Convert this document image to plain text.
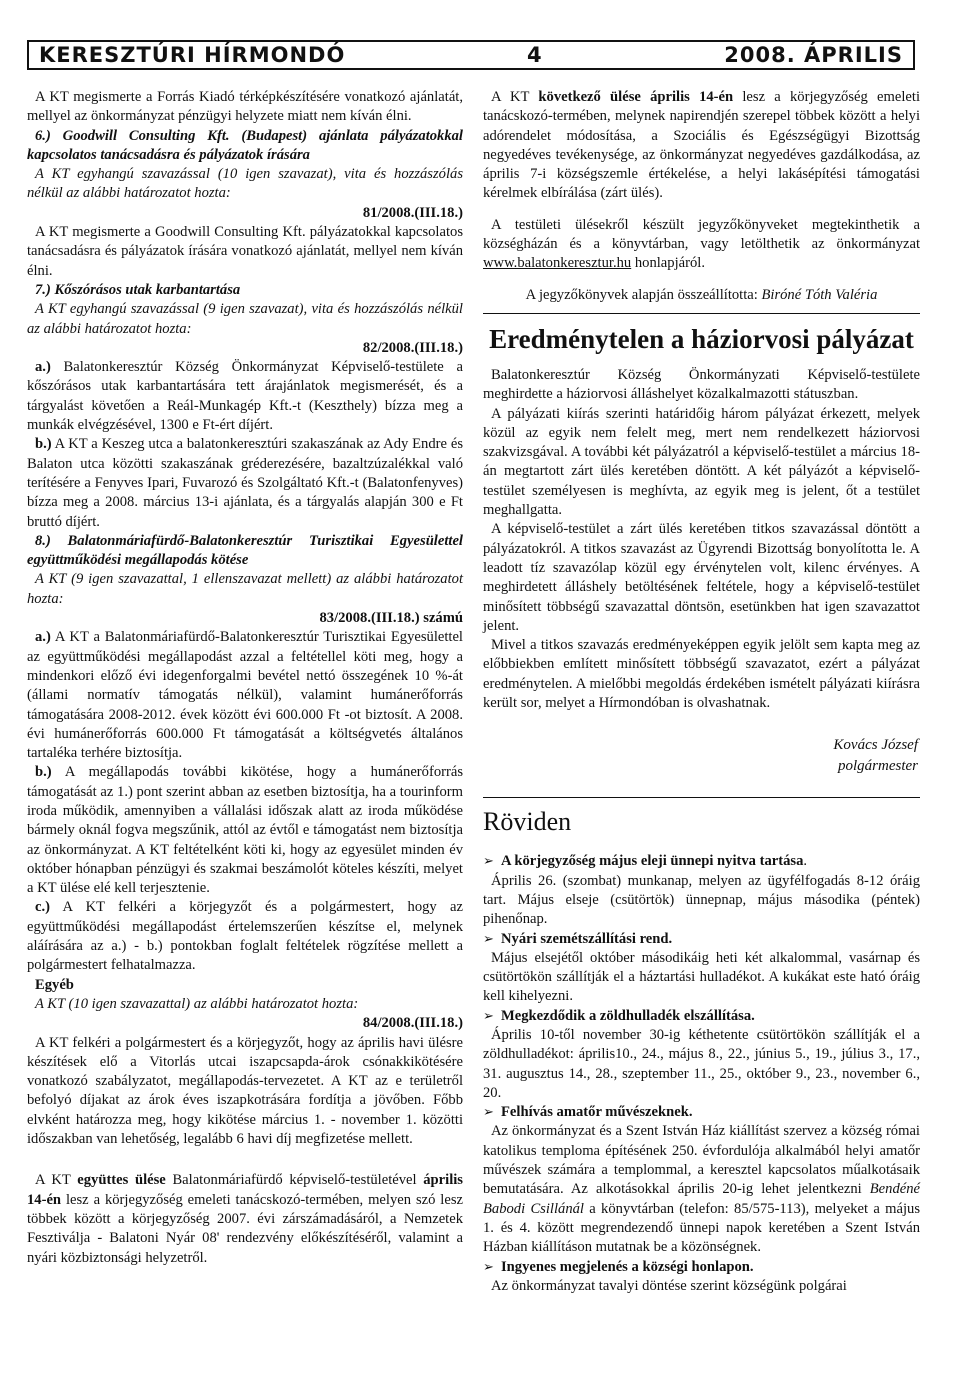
KERESZTÚRI HÍRMONDÓ	4	2008. ÁPRILIS

A KT megismerte a Forrás Kiadó térképkészítésére vonatkozó ajánlatát, mellyel az önkormányzat pénzügyi helyzete miatt nem kíván élni.

6.) Goodwill Consulting Kft. (Budapest) ajánlata pályázatokkal kapcsolatos tanácsadásra és pályázatok írására

A KT egyhangú szavazással (10 igen szavazat), vita és hozzászólás nélkül az alábbi határozatot hozta:

81/2008.(III.18.)

A KT megismerte a Goodwill Consulting Kft. pályázatokkal kapcsolatos tanácsadásra és pályázatok írására vonatkozó ajánlatát, mellyel nem kíván élni.

7.) Kőszórásos utak karbantartása

A KT egyhangú szavazással (9 igen szavazat), vita és hozzászólás nélkül az alábbi határozatot hozta:

82/2008.(III.18.)

a.) Balatonkeresztúr Község Önkormányzat Képviselő-testülete a kőszórásos utak karbantartására tett árajánlatok megismerését, és a tárgyalást követően a Reál-Munkagép Kft.-t (Keszthely) bízza meg a munkák elvégzésével, 1300 e Ft-ért díjért.

b.) A KT a Keszeg utca a balatonkeresztúri szakaszának az Ady Endre és Balaton utca közötti szakaszának gréderezésére, bazaltzúzalékkal való terítésére a Fenyves Ipari, Fuvarozó és Szolgáltató Kft.-t (Balatonfenyves) bízza meg a 2008. március 13-i ajánlata, és a tárgyalás alapján 300 e Ft bruttó díjért.

8.) Balatonmáriafürdő-Balatonkeresztúr Turisztikai Egyesülettel együttműködési megállapodás kötése

A KT (9 igen szavazattal, 1 ellenszavazat mellett) az alábbi határozatot hozta:

83/2008.(III.18.) számú

a.) A KT a Balatonmáriafürdő-Balatonkeresztúr Turisztikai Egyesülettel az együttműködési megállapodást azzal a feltétellel köti meg, hogy a mindenkori előző évi idegenforgalmi bevétel nettó összegének 10 %-át (állami normatív támogatás nélkül), valamint humánerőforrás támogatására 2008-2012. évek között évi 600.000 Ft -ot biztosít. A 2008. évi humánerőforrás 600.000 Ft támogatását a költségvetés általános tartaléka terhére biztosítja.

b.) A megállapodás további kikötése, hogy a humánerőforrás támogatását az 1.) pont szerint abban az esetben biztosítja, ha a tourinform iroda működik, amennyiben a vállalási időszak alatt az iroda működése bármely oknál fogva megszűnik, attól az évtől e támogatást nem biztosítja az önkormányzat. A KT feltételként köti ki, hogy az egyesület minden év október hónapban pénzügyi és szakmai beszámolót köteles készíti, melyet a KT ülése elé kell terjesztenie.

c.) A KT felkéri a körjegyzőt és a polgármestert, hogy az együttműködési megállapodást értelemszerűen készítse el, melynek aláírására az a.) - b.) pontokban foglalt feltételek rögzítése mellett a polgármestert felhatalmazza.

Egyéb

A KT (10 igen szavazattal) az alábbi határozatot hozta:

84/2008.(III.18.)

A KT felkéri a polgármestert és a körjegyzőt, hogy az április havi ülésre készítések elő a Vitorlás utcai iszapcsapda-árok csónakkikötésére vonatkozó szabályzatot, megállapodás-tervezetet. A KT az e területről befolyó díjakat az árok éves iszapkotrására fordítja a jövőben. Főbb elvként határozza meg, hogy kikötése március 1. - november 1. közötti időszakban van lehetőség, legalább 6 havi díj megfizetése mellett.

A KT együttes ülése Balatonmáriafürdő képviselő-testületével április 14-én lesz a körjegyzőség emeleti tanácskozó-termében, melyen szó lesz többek között a körjegyzőség 2007. évi zárszámadásáról, a Nemzetek Fesztiválja - Balatoni Nyár 08' rendezvény előkészítéséről, valamint a nyári közbiztonsági helyzetről.

A KT következő ülése április 14-én lesz a körjegyzőség emeleti tanácskozó-termében, melynek napirendjén szerepel többek között a helyi adórendelet módosítása, a Szociális és Egészségügyi Bizottság negyedéves tevékenysége, az önkormányzat negyedéves gazdálkodása, az április 7-i községszemle értékelése, a helyi lakásépítési támogatási kérelmek elbírálása (zárt ülés).

A testületi ülésekről készült jegyzőkönyveket megtekinthetik a községházán és a könyvtárban, vagy letölthetik az önkormányzat www.balatonkeresztur.hu honlapjáról.

A jegyzőkönyvek alapján összeállította: Biróné Tóth Valéria

Eredménytelen a háziorvosi pályázat

Balatonkeresztúr Község Önkormányzati Képviselő-testülete meghirdette a háziorvosi álláshelyet közalkalmazotti státuszban.

A pályázati kiírás szerinti határidőig három pályázat érkezett, melyek közül az egyik nem felelt meg, mert nem rendelkezett háziorvosi szakvizsgával. A további két pályázatról a képviselő-testület a március 18-án megtartott zárt ülés keretében döntött. A két pályázót a képviselő-testület személyesen is meghívta, az egyik meg is jelent, őt a testület meghallgatta.

A képviselő-testület a zárt ülés keretében titkos szavazással döntött a pályázatokról. A titkos szavazást az Ügyrendi Bizottság bonyolította le. A leadott tíz szavazólap közül egy érvénytelen volt, kilenc érvényes. A meghirdetett álláshely betöltésének feltétele, hogy a képviselő-testület minősített többségű szavazattal döntsön, esetünkben hat igen szavazattot jelent.

Mivel a titkos szavazás eredményeképpen egyik jelölt sem kapta meg az előbbiekben említett minősített többségű szavazatot, ezért a pályázat eredménytelen. A mielőbbi megoldás érdekében ismételt pályázati kiírásra került sor, melyet a Hírmondóban is olvashatnak.

Kovács József
polgármester
Röviden

➢ A körjegyzőség május eleji ünnepi nyitva tartása.

Április 26. (szombat) munkanap, melyen az ügyfélfogadás 8-12 óráig tart. Május elseje (csütörtök) ünnepnap, május másodika (péntek) pihenőnap.

➢ Nyári szemétszállítási rend.

Május elsejétől október másodikáig heti két alkalommal, vasárnap és csütörtökön szállítják el a háztartási hulladékot. A kukákat este ható óráig kell kihelyezni.

➢ Megkezdődik a zöldhulladék elszállítása.

Április 10-től november 30-ig kéthetente csütörtökön szállítják el a zöldhulladékot: április10., 24., május 8., 22., június 5., 19., július 3., 17., 31. augusztus 14., 28., szeptember 11., 25., október 9., 23., november 6., 20.

➢ Felhívás amatőr művészeknek.

Az önkormányzat és a Szent István Ház kiállítást szervez a község római katolikus temploma építésének 250. évfordulója alkalmából helyi amatőr művészek számára a templommal, a keresztel kapcsolatos műalkotásaik bemutatására. Az alkotásokkal április 20-ig lehet jelentkezni Bendéné Babodi Csillánál a könyvtárban (telefon: 85/575-113), melyeket a május 1. és 4. között megrendezendő ünnepi napok keretében a Szent István Házban kiállításon mutatnak be a közönségnek.

➢ Ingyenes megjelenés a községi honlapon.

Az önkormányzat tavalyi döntése szerint községünk polgárai
